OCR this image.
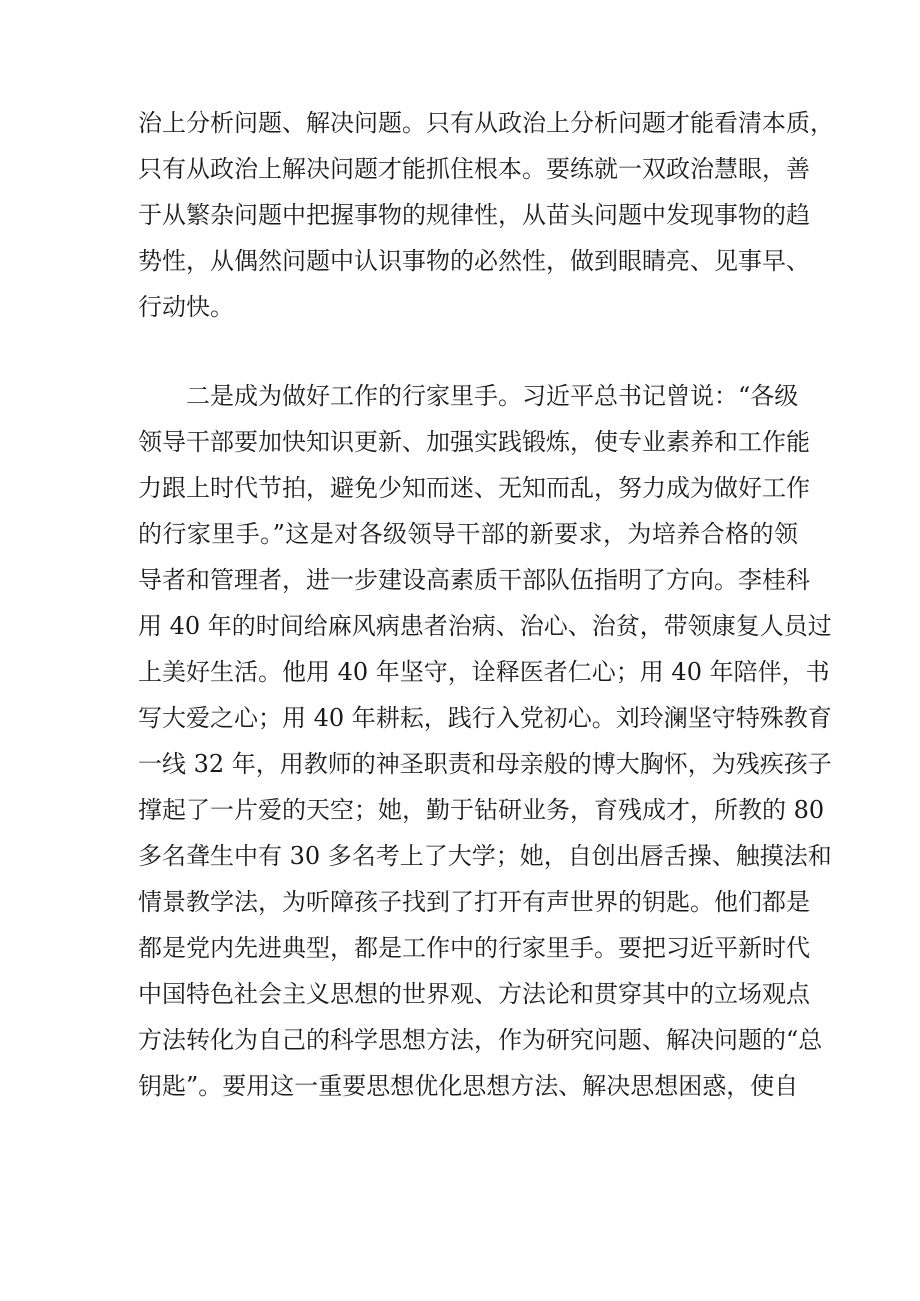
治上分析问题、解决问题。只有从政治上分析问题才能看清本质，
只有从政治上解决问题才能抓住根本。要练就一双政治慧眼，善
于从繁杂问题中把握事物的规律性，从苗头问题中发现事物的趋
势性，从偶然问题中认识事物的必然性，做到眼睛亮、见事早、
行动快。
二是成为做好工作的行家里手。习近平总书记曾说：“各级
领导干部要加快知识更新、加强实践锻炼，使专业素养和工作能
力跟上时代节拍，避免少知而迷、无知而乱，努力成为做好工作
的行家里手。”这是对各级领导干部的新要求，为培养合格的领
导者和管理者，进一步建设高素质干部队伍指明了方向。李桂科
用 40 年的时间给麻风病患者治病、治心、治贫，带领康复人员过
上美好生活。他用 40 年坚守，诠释医者仁心；用 40 年陪伴，书
写大爱之心；用 40 年耕耘，践行入党初心。刘玲澜坚守特殊教育
一线 32 年，用教师的神圣职责和母亲般的博大胸怀，为残疾孩子
撑起了一片爱的天空；她，勤于钻研业务，育残成才，所教的 80
多名聋生中有 30 多名考上了大学；她，自创出唇舌操、触摸法和
情景教学法，为听障孩子找到了打开有声世界的钥匙。他们都是
都是党内先进典型，都是工作中的行家里手。要把习近平新时代
中国特色社会主义思想的世界观、方法论和贯穿其中的立场观点
方法转化为自己的科学思想方法，作为研究问题、解决问题的“总
钥匙”。要用这一重要思想优化思想方法、解决思想困惑，使自
